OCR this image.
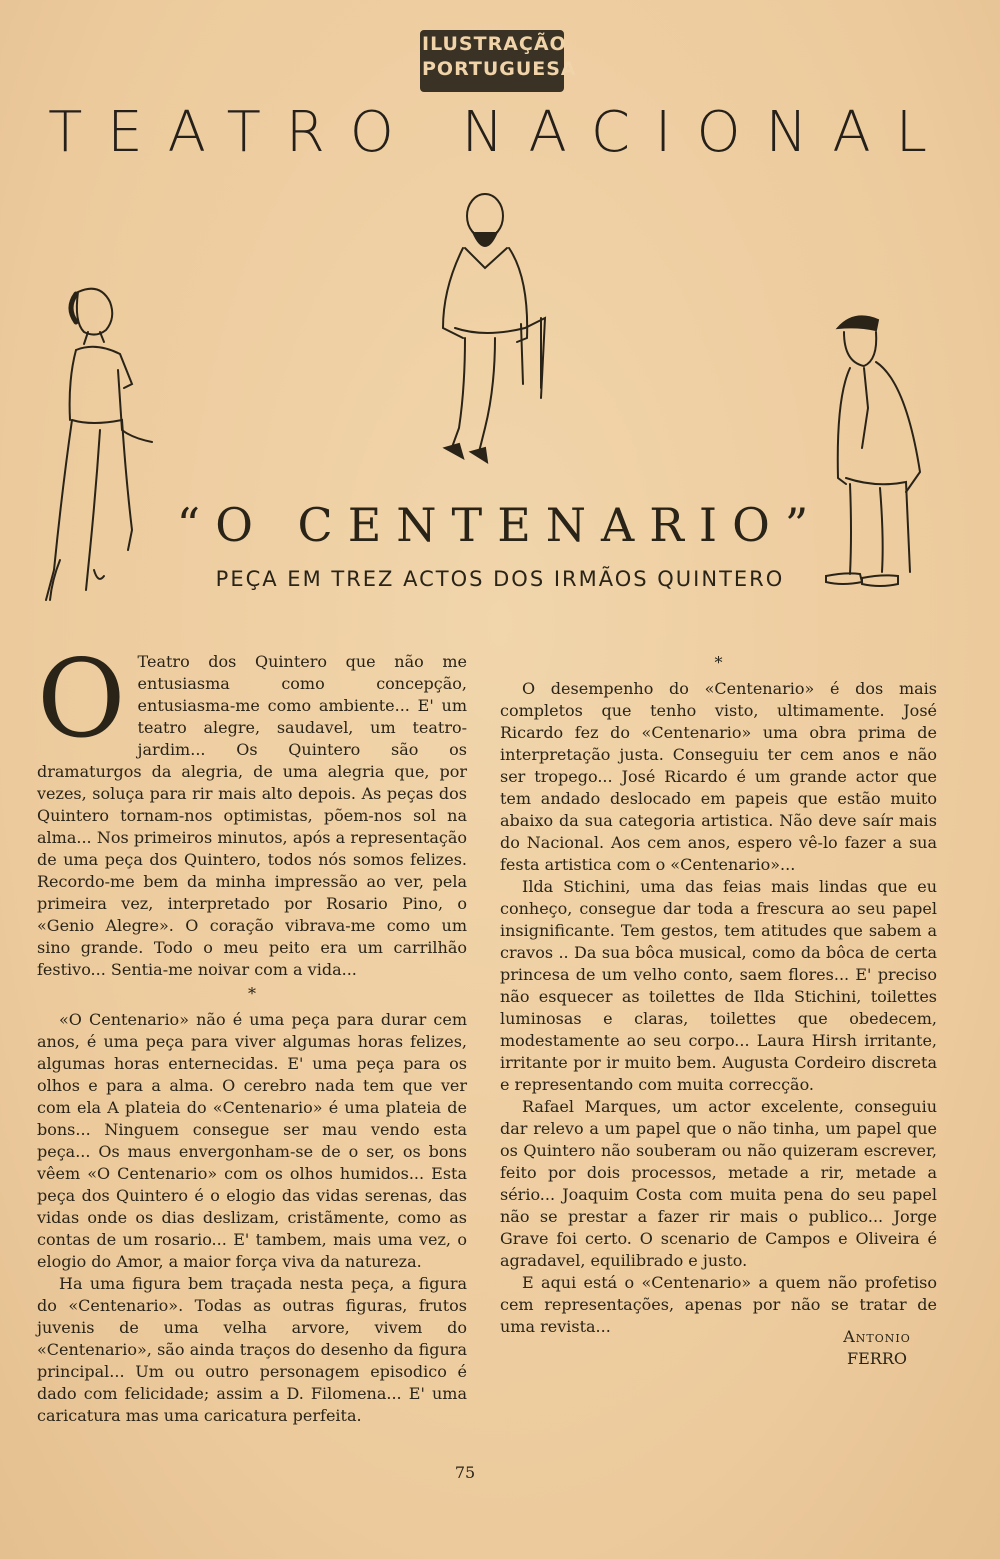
ILUSTRAÇÃO
PORTUGUESA
TEATRO NACIONAL
“O CENTENARIO”
PEÇA EM TREZ ACTOS DOS IRMÃOS QUINTERO
O Teatro dos Quintero que não me entusiasma como concepção, entusiasma-me como ambiente... E' um teatro alegre, saudavel, um teatro-jardim... Os Quintero são os dramaturgos da alegria, de uma alegria que, por vezes, soluça para rir mais alto depois. As peças dos Quintero tornam-nos optimistas, põem-nos sol na alma... Nos primeiros minutos, após a representação de uma peça dos Quintero, todos nós somos felizes. Recordo-me bem da minha impressão ao ver, pela primeira vez, interpretado por Rosario Pino, o «Genio Alegre». O coração vibrava-me como um sino grande. Todo o meu peito era um carrilhão festivo... Sentia-me noivar com a vida...

*

«O Centenario» não é uma peça para durar cem anos, é uma peça para viver algumas horas felizes, algumas horas enternecidas. E' uma peça para os olhos e para a alma. O cerebro nada tem que ver com ela A plateia do «Centenario» é uma plateia de bons... Ninguem consegue ser mau vendo esta peça... Os maus envergonham-se de o ser, os bons vêem «O Centenario» com os olhos humidos... Esta peça dos Quintero é o elogio das vidas serenas, das vidas onde os dias deslizam, cristãmente, como as contas de um rosario... E' tambem, mais uma vez, o elogio do Amor, a maior força viva da natureza.

Ha uma figura bem traçada nesta peça, a figura do «Centenario». Todas as outras figuras, frutos juvenis de uma velha arvore, vivem do «Centenario», são ainda traços do desenho da figura principal... Um ou outro personagem episodico é dado com felicidade; assim a D. Filomena... E' uma caricatura mas uma caricatura perfeita.

*

O desempenho do «Centenario» é dos mais completos que tenho visto, ultimamente. José Ricardo fez do «Centenario» uma obra prima de interpretação justa. Conseguiu ter cem anos e não ser tropego... José Ricardo é um grande actor que tem andado deslocado em papeis que estão muito abaixo da sua categoria artistica. Não deve saír mais do Nacional. Aos cem anos, espero vê-lo fazer a sua festa artistica com o «Centenario»...

Ilda Stichini, uma das feias mais lindas que eu conheço, consegue dar toda a frescura ao seu papel insignificante. Tem gestos, tem atitudes que sabem a cravos .. Da sua bôca musical, como da bôca de certa princesa de um velho conto, saem flores... E' preciso não esquecer as toilettes de Ilda Stichini, toilettes luminosas e claras, toilettes que obedecem, modestamente ao seu corpo... Laura Hirsh irritante, irritante por ir muito bem. Augusta Cordeiro discreta e representando com muita correcção.

Rafael Marques, um actor excelente, conseguiu dar relevo a um papel que o não tinha, um papel que os Quintero não souberam ou não quizeram escrever, feito por dois processos, metade a rir, metade a sério... Joaquim Costa com muita pena do seu papel não se prestar a fazer rir mais o publico... Jorge Grave foi certo. O scenario de Campos e Oliveira é agradavel, equilibrado e justo.

E aqui está o «Centenario» a quem não profetiso cem representações, apenas por não se tratar de uma revista...

Antonio
FERRO
75
